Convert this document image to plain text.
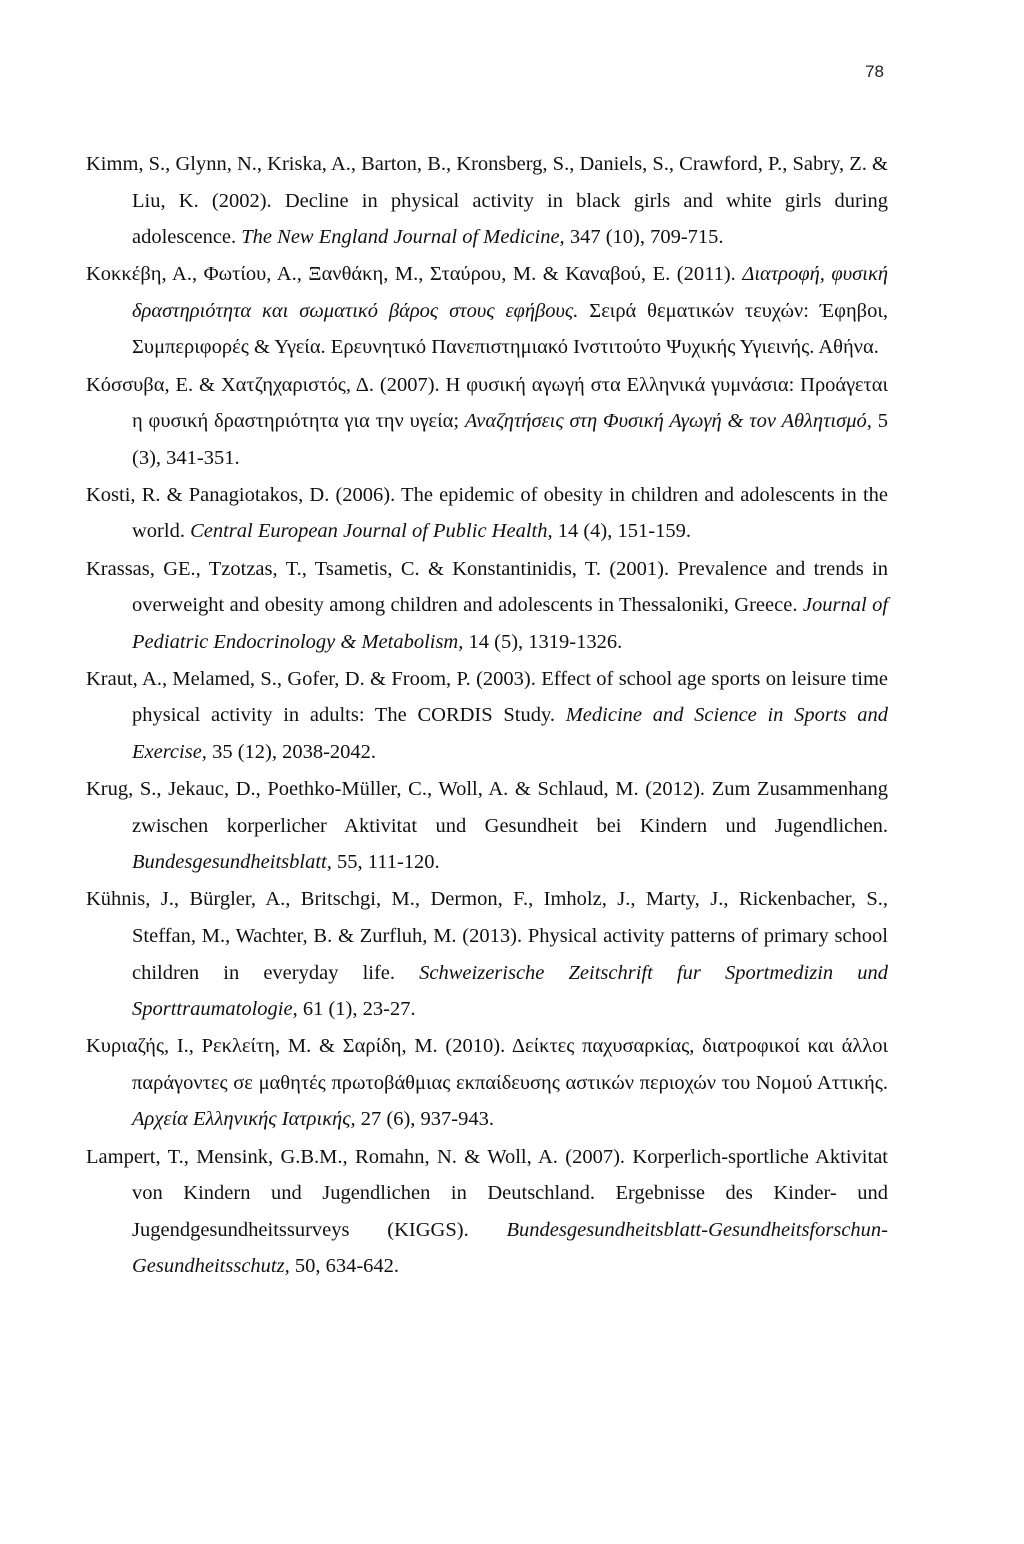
78

Kimm, S., Glynn, N., Kriska, A., Barton, B., Kronsberg, S., Daniels, S., Crawford, P., Sabry, Z. & Liu, K. (2002). Decline in physical activity in black girls and white girls during adolescence. The New England Journal of Medicine, 347 (10), 709-715.

Κοκκέβη, Α., Φωτίου, Α., Ξανθάκη, Μ., Σταύρου, Μ. & Καναβού, Ε. (2011). Διατροφή, φυσική δραστηριότητα και σωματικό βάρος στους εφήβους. Σειρά θεματικών τευχών: Έφηβοι, Συμπεριφορές & Υγεία. Ερευνητικό Πανεπιστημιακό Ινστιτούτο Ψυχικής Υγιεινής. Αθήνα.

Κόσσυβα, Ε. & Χατζηχαριστός, Δ. (2007). Η φυσική αγωγή στα Ελληνικά γυμνάσια: Προάγεται η φυσική δραστηριότητα για την υγεία; Αναζητήσεις στη Φυσική Αγωγή & τον Αθλητισμό, 5 (3), 341-351.

Kosti, R. & Panagiotakos, D. (2006). The epidemic of obesity in children and adolescents in the world. Central European Journal of Public Health, 14 (4), 151-159.

Krassas, GE., Tzotzas, T., Tsametis, C. & Konstantinidis, T. (2001). Prevalence and trends in overweight and obesity among children and adolescents in Thessaloniki, Greece. Journal of Pediatric Endocrinology & Metabolism, 14 (5), 1319-1326.

Kraut, A., Melamed, S., Gofer, D. & Froom, P. (2003). Effect of school age sports on leisure time physical activity in adults: The CORDIS Study. Medicine and Science in Sports and Exercise, 35 (12), 2038-2042.

Krug, S., Jekauc, D., Poethko-Müller, C., Woll, A. & Schlaud, M. (2012). Zum Zusammenhang zwischen korperlicher Aktivitat und Gesundheit bei Kindern und Jugendlichen. Bundesgesundheitsblatt, 55, 111-120.

Kühnis, J., Bürgler, A., Britschgi, M., Dermon, F., Imholz, J., Marty, J., Rickenbacher, S., Steffan, M., Wachter, B. & Zurfluh, M. (2013). Physical activity patterns of primary school children in everyday life. Schweizerische Zeitschrift fur Sportmedizin und Sporttraumatologie, 61 (1), 23-27.

Κυριαζής, Ι., Ρεκλείτη, Μ. & Σαρίδη, Μ. (2010). Δείκτες παχυσαρκίας, διατροφικοί και άλλοι παράγοντες σε μαθητές πρωτοβάθμιας εκπαίδευσης αστικών περιοχών του Νομού Αττικής. Αρχεία Ελληνικής Ιατρικής, 27 (6), 937-943.

Lampert, T., Mensink, G.B.M., Romahn, N. & Woll, A. (2007). Korperlich-sportliche Aktivitat von Kindern und Jugendlichen in Deutschland. Ergebnisse des Kinder- und Jugendgesundheitssurveys (KIGGS). Bundesgesundheitsblatt-Gesundheitsforschun- Gesundheitsschutz, 50, 634-642.
